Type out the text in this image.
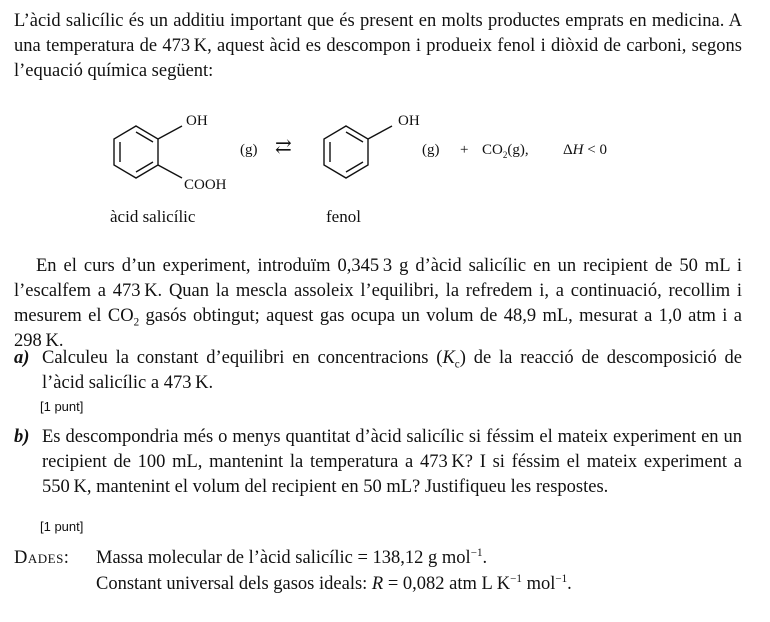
L’àcid salicílic és un additiu important que és present en molts productes emprats en medicina. A una temperatura de 473 K, aquest àcid es descompon i produeix fenol i diòxid de carboni, segons l’equació química següent:
OH
COOH
(g) ⇄
OH
$(g) + CO_2(g)$, ΔH < 0
àcid salicílic	fenol
En el curs d’un experiment, introduïm 0,345 3 g d’àcid salicílic en un recipient de 50 mL i l’escalfem a 473 K. Quan la mescla assoleix l’equilibri, la refredem i, a continuació, recollim i mesurem el $CO_2$ gasós obtingut; aquest gas ocupa un volum de 48,9 mL, mesurat a 1,0 atm i a 298 K.
a) Calculeu la constant d’equilibri en concentracions $(K_c)$ de la reacció de descomposició de l’àcid salicílic a 473 K.
[1 punt]
b) Es descompondria més o menys quantitat d’àcid salicílic si féssim el mateix experiment en un recipient de 100 mL, mantenint la temperatura a 473 K? I si féssim el mateix experiment a 550 K, mantenint el volum del recipient en 50 mL? Justifiqueu les respostes.
[1 punt]
Dades: Massa molecular de l’àcid salicílic = 138,12 g mol$^{-1}$.
Constant universal dels gasos ideals: R = 0,082 atm L $K^{-1}$ mol$^{-1}$.
